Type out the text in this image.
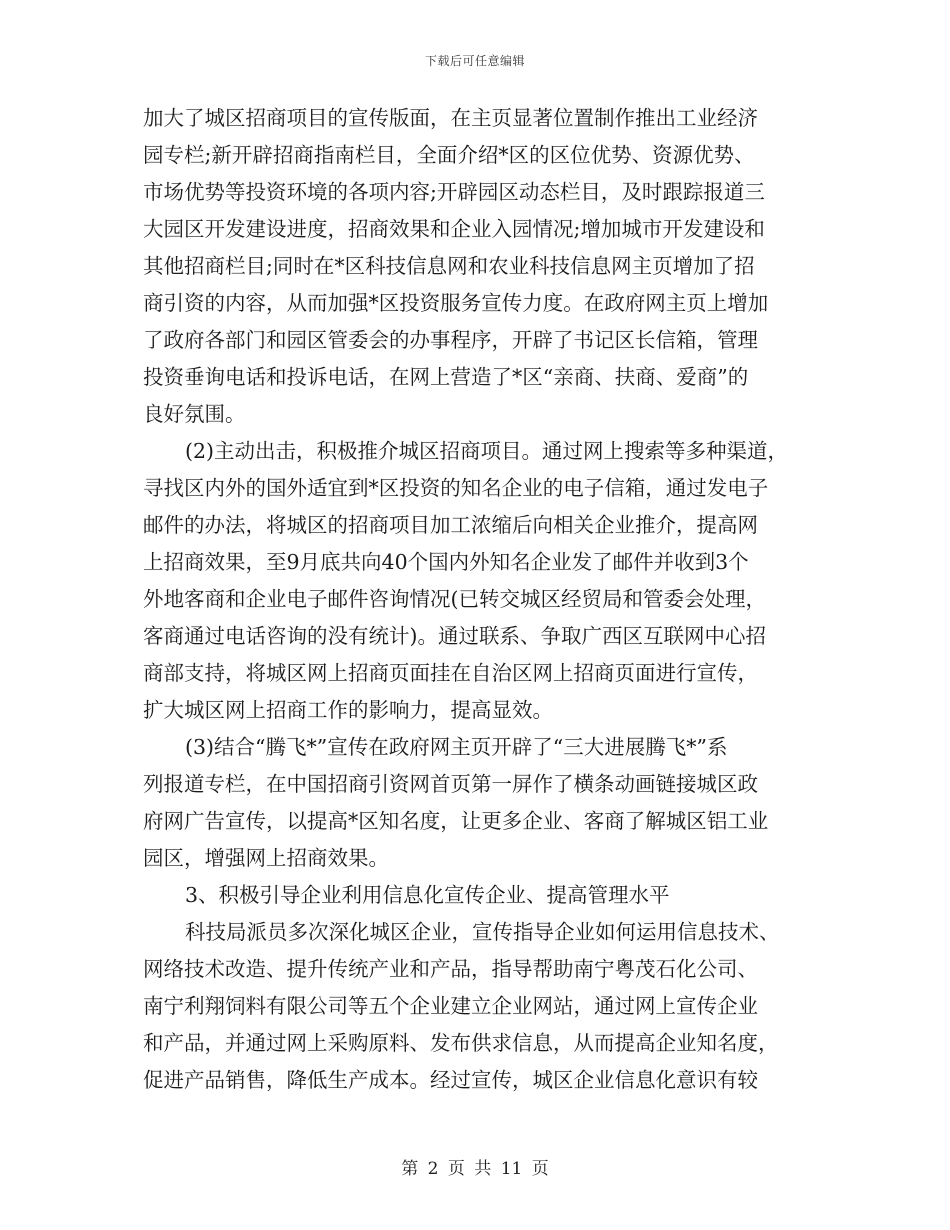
下载后可任意编辑
加大了城区招商项目的宣传版面，在主页显著位置制作推出工业经济
园专栏;新开辟招商指南栏目，全面介绍*区的区位优势、资源优势、
市场优势等投资环境的各项内容;开辟园区动态栏目，及时跟踪报道三
大园区开发建设进度，招商效果和企业入园情况;增加城市开发建设和
其他招商栏目;同时在*区科技信息网和农业科技信息网主页增加了招
商引资的内容，从而加强*区投资服务宣传力度。在政府网主页上增加
了政府各部门和园区管委会的办事程序，开辟了书记区长信箱，管理
投资垂询电话和投诉电话，在网上营造了*区“亲商、扶商、爱商”的
良好氛围。
(2)主动出击，积极推介城区招商项目。通过网上搜索等多种渠道，
寻找区内外的国外适宜到*区投资的知名企业的电子信箱，通过发电子
邮件的办法，将城区的招商项目加工浓缩后向相关企业推介，提高网
上招商效果，至9月底共向40个国内外知名企业发了邮件并收到3个
外地客商和企业电子邮件咨询情况(已转交城区经贸局和管委会处理，
客商通过电话咨询的没有统计)。通过联系、争取广西区互联网中心招
商部支持，将城区网上招商页面挂在自治区网上招商页面进行宣传，
扩大城区网上招商工作的影响力，提高显效。
(3)结合“腾飞*”宣传在政府网主页开辟了“三大进展腾飞*”系
列报道专栏，在中国招商引资网首页第一屏作了横条动画链接城区政
府网广告宣传，以提高*区知名度，让更多企业、客商了解城区铝工业
园区，增强网上招商效果。
3、积极引导企业利用信息化宣传企业、提高管理水平
科技局派员多次深化城区企业，宣传指导企业如何运用信息技术、
网络技术改造、提升传统产业和产品，指导帮助南宁粤茂石化公司、
南宁利翔饲料有限公司等五个企业建立企业网站，通过网上宣传企业
和产品，并通过网上采购原料、发布供求信息，从而提高企业知名度，
促进产品销售，降低生产成本。经过宣传，城区企业信息化意识有较
第 2 页 共 11 页
